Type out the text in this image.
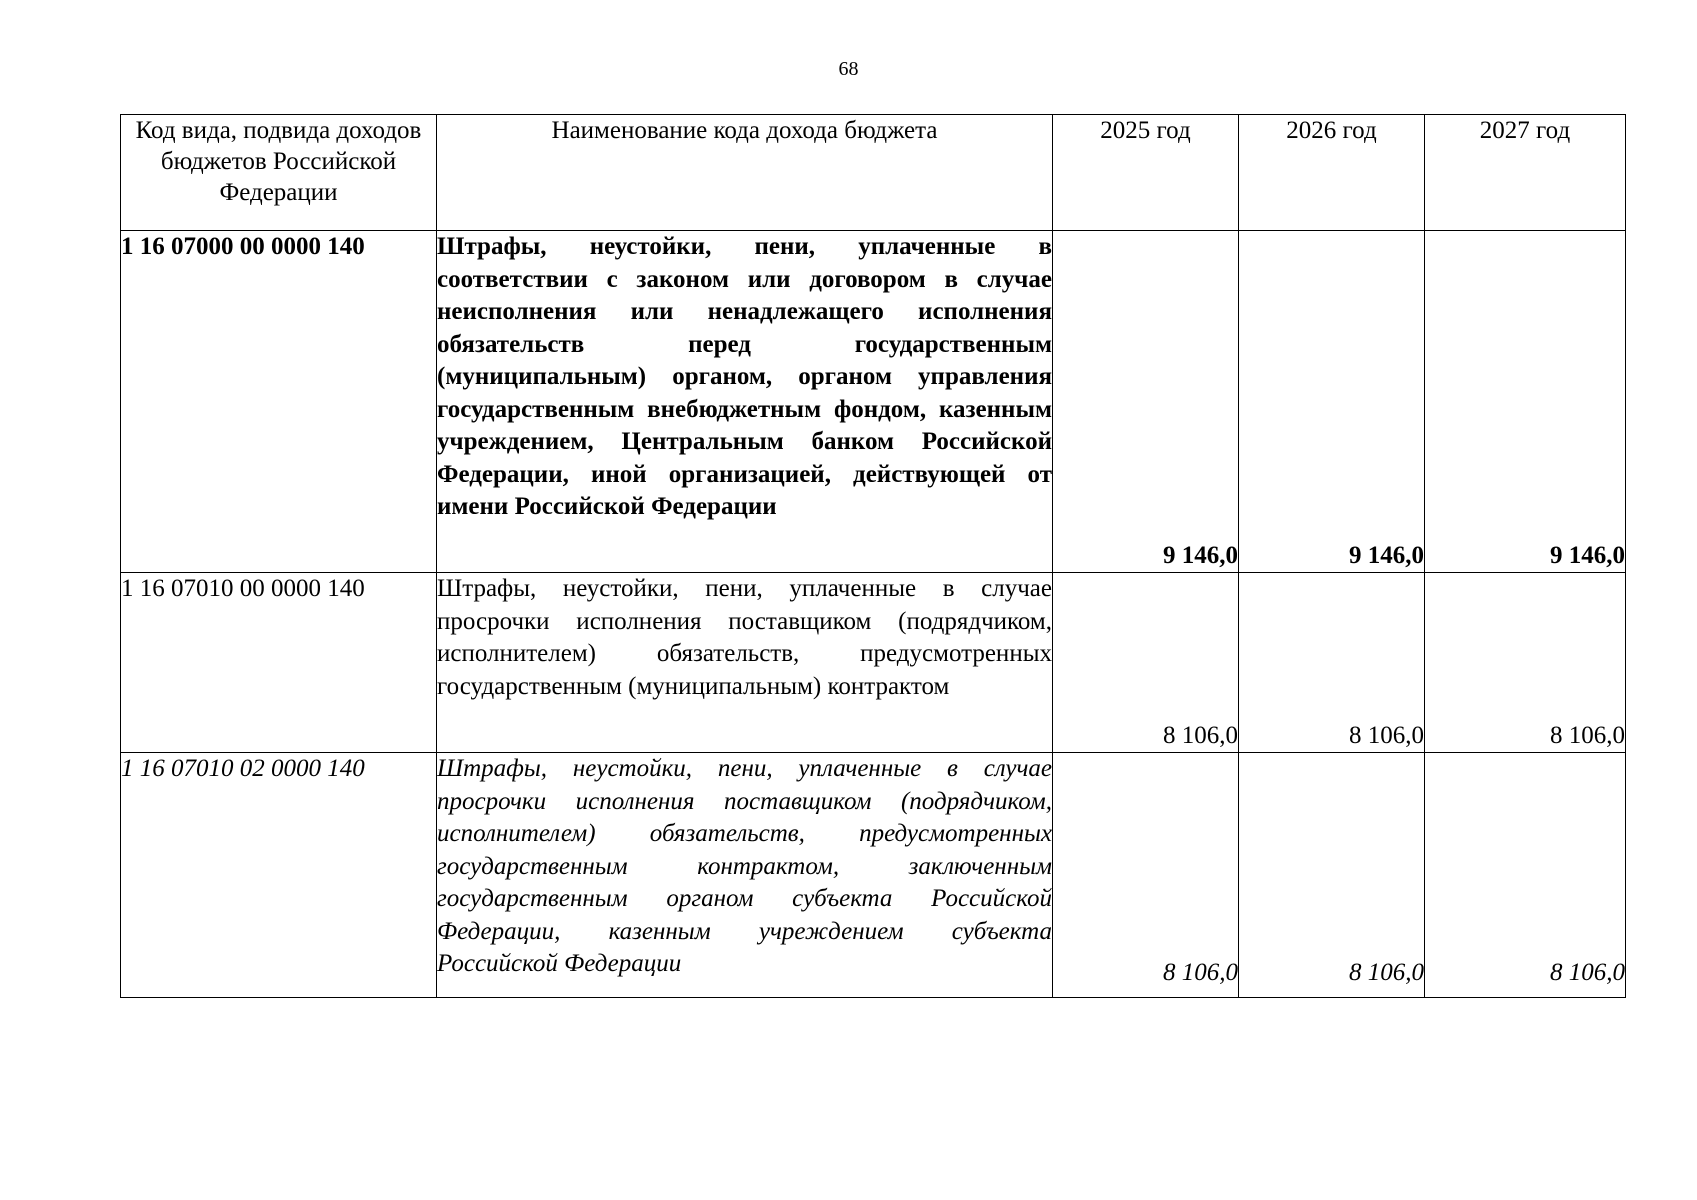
68
Код вида, подвида доходов бюджетов Российской Федерации	Наименование кода дохода бюджета	2025 год	2026 год	2027 год
1 16 07000 00 0000 140	Штрафы, неустойки, пени, уплаченные в соответствии с законом или договором в случае неисполнения или ненадлежащего исполнения обязательств перед государственным (муниципальным) органом, органом управления государственным внебюджетным фондом, казенным учреждением, Центральным банком Российской Федерации, иной организацией, действующей от имени Российской Федерации	9 146,0	9 146,0	9 146,0
1 16 07010 00 0000 140	Штрафы, неустойки, пени, уплаченные в случае просрочки исполнения поставщиком (подрядчиком, исполнителем) обязательств, предусмотренных государственным (муниципальным) контрактом	8 106,0	8 106,0	8 106,0
1 16 07010 02 0000 140	Штрафы, неустойки, пени, уплаченные в случае просрочки исполнения поставщиком (подрядчиком, исполнителем) обязательств, предусмотренных государственным контрактом, заключенным государственным органом субъекта Российской Федерации, казенным учреждением субъекта Российской Федерации	8 106,0	8 106,0	8 106,0
